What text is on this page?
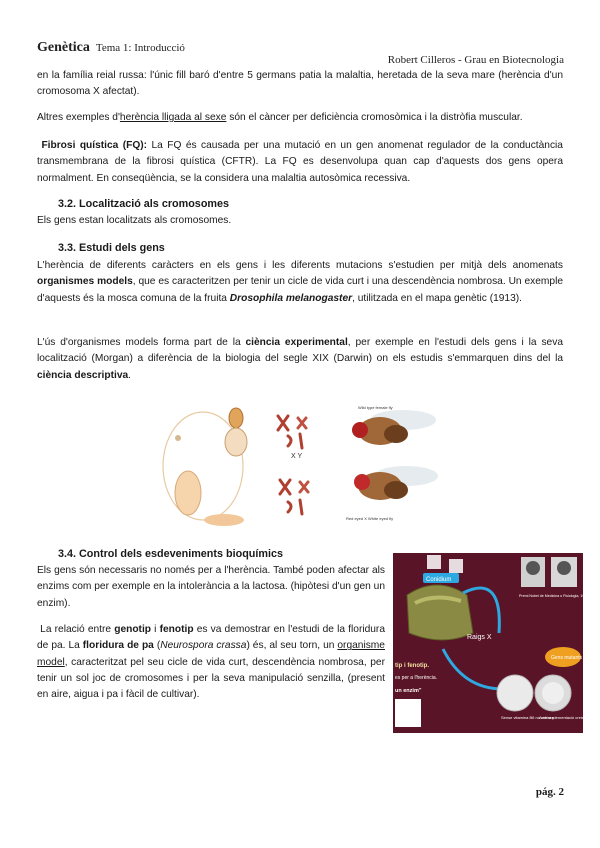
Genètica Tema 1: Introducció
Robert Cilleros - Grau en Biotecnologia

en la família reial russa: l'únic fill baró d'entre 5 germans patia la malaltia, heretada de la seva mare (herència d'un cromosoma X afectat).

Altres exemples d'herència lligada al sexe són el càncer per deficiència cromosòmica i la distròfia muscular.

Fibrosi quística (FQ): La FQ és causada per una mutació en un gen anomenat regulador de la conductància transmembrana de la fibrosi quística (CFTR). La FQ es desenvolupa quan cap d'aquests dos gens opera normalment. En conseqüència, se la considera una malaltia autosòmica recessiva.

3.2. Localització als cromosomes

Els gens estan localitzats als cromosomes.

3.3. Estudi dels gens

L'herència de diferents caràcters en els gens i les diferents mutacions s'estudien per mitjà dels anomenats organismes models, que es caracteritzen per tenir un cicle de vida curt i una descendència nombrosa. Un exemple d'aquests és la mosca comuna de la fruita Drosophila melanogaster, utilitzada en el mapa genètic (1913).

L'ús d'organismes models forma part de la ciència experimental, per exemple en l'estudi dels gens i la seva localització (Morgan) a diferència de la biologia del segle XIX (Darwin) on els estudis s'emmarquen dins del la ciència descriptiva.

X Y
Wild type female fly
Red eyed X White eyed fly
3.4. Control dels esdeveniments bioquímics

Els gens són necessaris no només per a l'herència. També poden afectar als enzims com per exemple en la intolerància a la lactosa. (hipòtesi d'un gen un enzim).

La relació entre genotip i fenotip es va demostrar en l'estudi de la floridura de pa. La floridura de pa (Neurospora crassa) és, al seu torn, un organisme model, caracteritzat pel seu cicle de vida curt, descendència nombrosa, per tenir un sol joc de cromosomes i per la seva manipulació senzilla, (present en aire, aigua i pa i fàcil de cultivar).

Conidium
Raigs X
Premi Nobel de Medicina o Fisiologia, 1958
Gens mutants
tip i fenotip.
es per a l'herència.
un enzim"
Sense vitamina B6 no creixen
Amb suplementació creix
pág. 2
